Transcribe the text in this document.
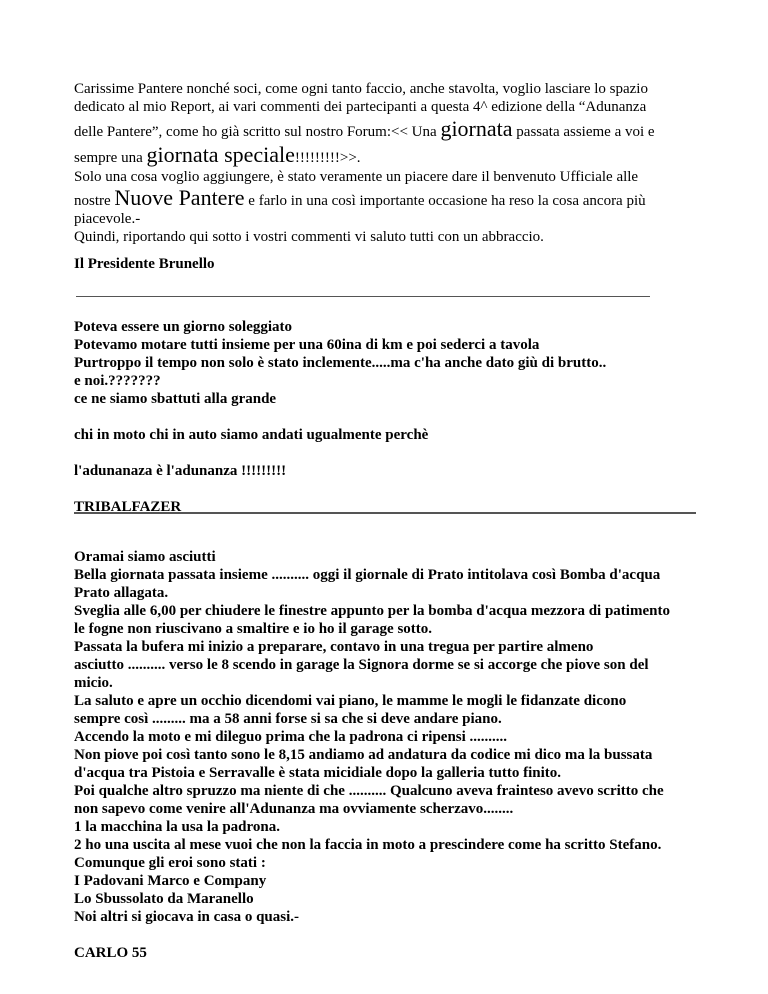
Carissime Pantere nonché soci, come ogni tanto faccio, anche stavolta, voglio lasciare lo spazio

dedicato al mio Report, ai vari commenti dei partecipanti a questa 4^ edizione della “Adunanza

delle Pantere”, come ho già scritto sul nostro Forum:<< Una giornata passata assieme a voi e

sempre una giornata speciale!!!!!!!!!>>.

Solo una cosa voglio aggiungere, è stato veramente un piacere dare il benvenuto Ufficiale alle

nostre Nuove Pantere e farlo in una così importante occasione ha reso la cosa ancora più

piacevole.-

Quindi, riportando qui sotto i vostri commenti vi saluto tutti con un abbraccio.

Il Presidente Brunello
Poteva essere un giorno soleggiato
Potevamo motare tutti insieme per una 60ina di km e poi sederci a tavola
Purtroppo il tempo non solo è stato inclemente.....ma c'ha anche dato giù di brutto..
e noi.???????
ce ne siamo sbattuti alla grande
chi in moto chi in auto siamo andati ugualmente perchè
l'adunanaza è l'adunanza !!!!!!!!!
TRIBALFAZER
Oramai siamo asciutti
Bella giornata passata insieme .......... oggi il giornale di Prato intitolava così Bomba d'acqua
Prato allagata.
Sveglia alle 6,00 per chiudere le finestre appunto per la bomba d'acqua mezzora di patimento
le fogne non riuscivano a smaltire e io ho il garage sotto.
Passata la bufera mi inizio a preparare, contavo in una tregua per partire almeno
asciutto .......... verso le 8 scendo in garage la Signora dorme se si accorge che piove son del
micio.
La saluto e apre un occhio dicendomi vai piano, le mamme le mogli le fidanzate dicono
sempre così ......... ma a 58 anni forse si sa che si deve andare piano.
Accendo la moto e mi dileguo prima che la padrona ci ripensi ..........
Non piove poi così tanto sono le 8,15 andiamo ad andatura da codice mi dico ma la bussata
d'acqua tra Pistoia e Serravalle è stata micidiale dopo la galleria tutto finito.
Poi qualche altro spruzzo ma niente di che .......... Qualcuno aveva frainteso avevo scritto che
non sapevo come venire all'Adunanza ma ovviamente scherzavo........
1 la macchina la usa la padrona.
2 ho una uscita al mese vuoi che non la faccia in moto a prescindere come ha scritto Stefano.
Comunque gli eroi sono stati :
I Padovani Marco e Company
Lo Sbussolato da Maranello
Noi altri si giocava in casa o quasi.-
CARLO 55
